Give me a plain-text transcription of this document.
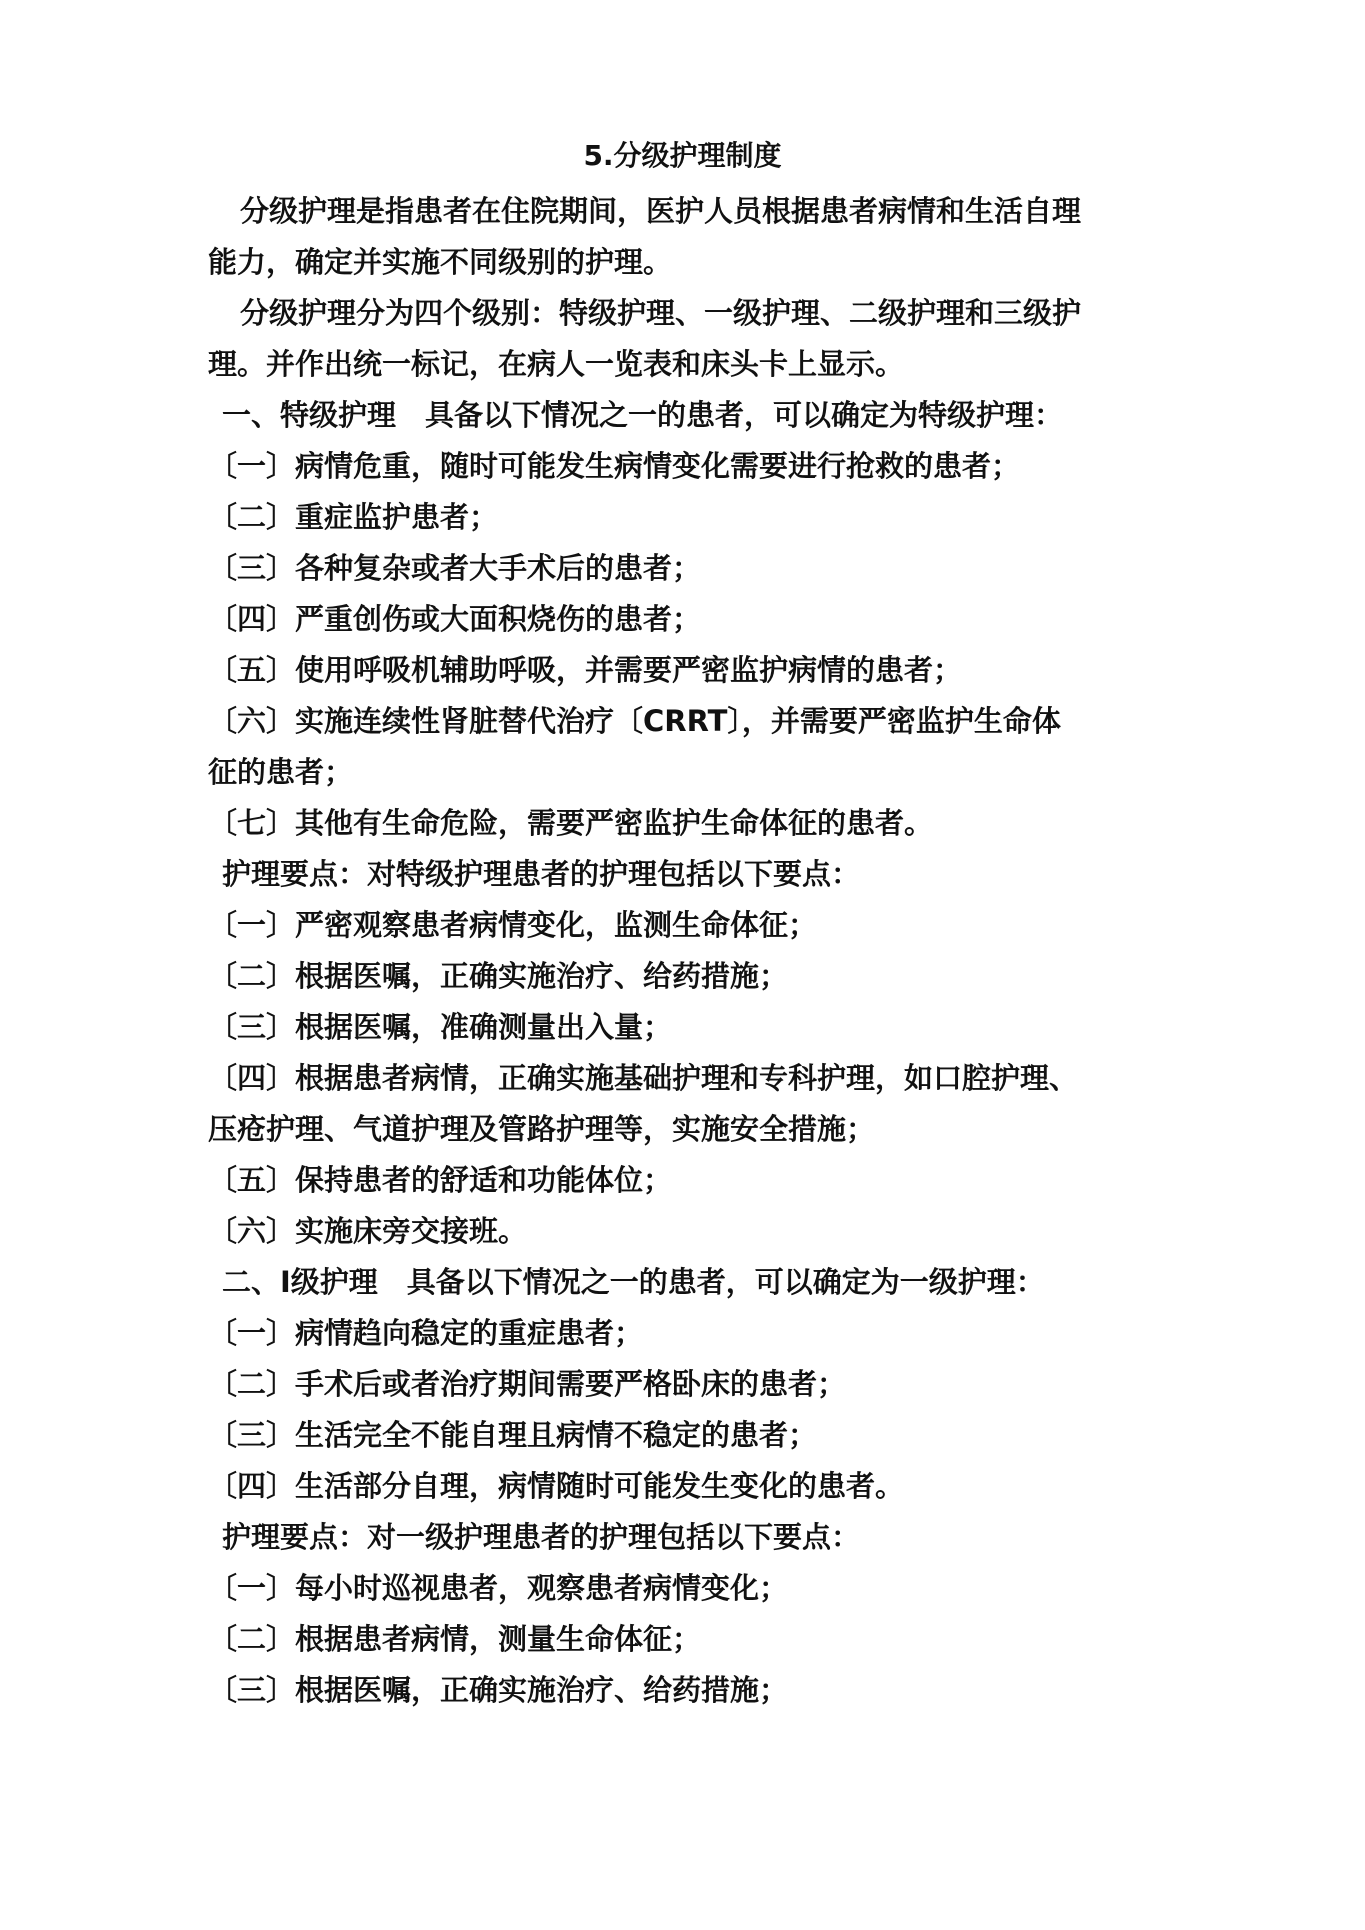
5.分级护理制度
分级护理是指患者在住院期间，医护人员根据患者病情和生活自理
能力，确定并实施不同级别的护理。
分级护理分为四个级别：特级护理、一级护理、二级护理和三级护
理。并作出统一标记，在病人一览表和床头卡上显示。
一、特级护理　具备以下情况之一的患者，可以确定为特级护理：
〔一〕病情危重，随时可能发生病情变化需要进行抢救的患者；
〔二〕重症监护患者；
〔三〕各种复杂或者大手术后的患者；
〔四〕严重创伤或大面积烧伤的患者；
〔五〕使用呼吸机辅助呼吸，并需要严密监护病情的患者；
〔六〕实施连续性肾脏替代治疗〔CRRT〕，并需要严密监护生命体
征的患者；
〔七〕其他有生命危险，需要严密监护生命体征的患者。
护理要点：对特级护理患者的护理包括以下要点：
〔一〕严密观察患者病情变化，监测生命体征；
〔二〕根据医嘱，正确实施治疗、给药措施；
〔三〕根据医嘱，准确测量出入量；
〔四〕根据患者病情，正确实施基础护理和专科护理，如口腔护理、
压疮护理、气道护理及管路护理等，实施安全措施；
〔五〕保持患者的舒适和功能体位；
〔六〕实施床旁交接班。
二、Ⅰ级护理　具备以下情况之一的患者，可以确定为一级护理：
〔一〕病情趋向稳定的重症患者；
〔二〕手术后或者治疗期间需要严格卧床的患者；
〔三〕生活完全不能自理且病情不稳定的患者；
〔四〕生活部分自理，病情随时可能发生变化的患者。
护理要点：对一级护理患者的护理包括以下要点：
〔一〕每小时巡视患者，观察患者病情变化；
〔二〕根据患者病情，测量生命体征；
〔三〕根据医嘱，正确实施治疗、给药措施；
